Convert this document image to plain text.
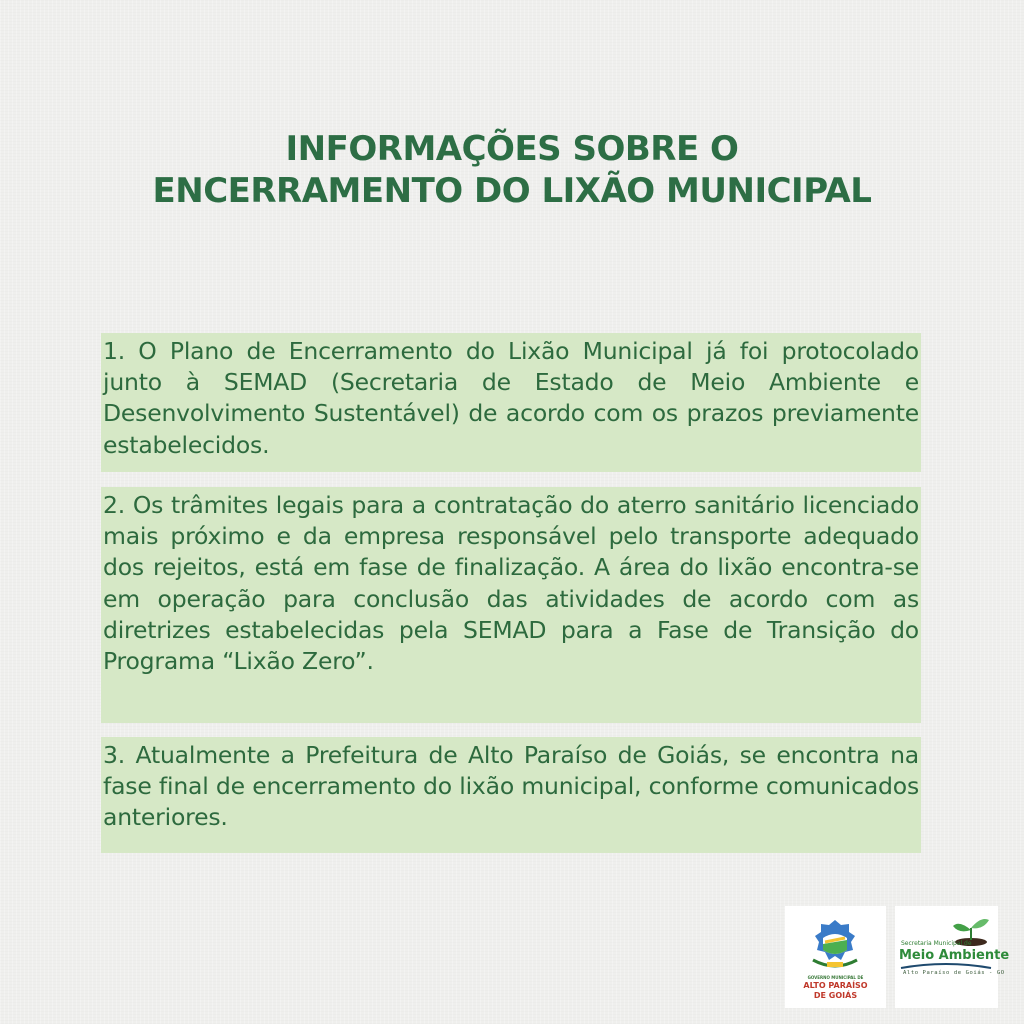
INFORMAÇÕES SOBRE O
ENCERRAMENTO DO LIXÃO MUNICIPAL
1. O Plano de Encerramento do Lixão Municipal já foi protocolado junto à SEMAD (Secretaria de Estado de Meio Ambiente e Desenvolvimento Sustentável) de acordo com os prazos previamente estabelecidos.
2. Os trâmites legais para a contratação do aterro sanitário licenciado mais próximo e da empresa responsável pelo transporte adequado dos rejeitos, está em fase de finalização. A área do lixão encontra-se em operação para conclusão das atividades de acordo com as diretrizes estabelecidas pela SEMAD para a Fase de Transição do Programa “Lixão Zero”.
3. Atualmente a Prefeitura de Alto Paraíso de Goiás, se encontra na fase final de encerramento do lixão municipal, conforme comunicados anteriores.
GOVERNO MUNICIPAL DE
ALTO PARAÍSO
DE GOIÁS
Secretaria Municipal de
Meio Ambiente
Alto Paraíso de Goiás - GO
